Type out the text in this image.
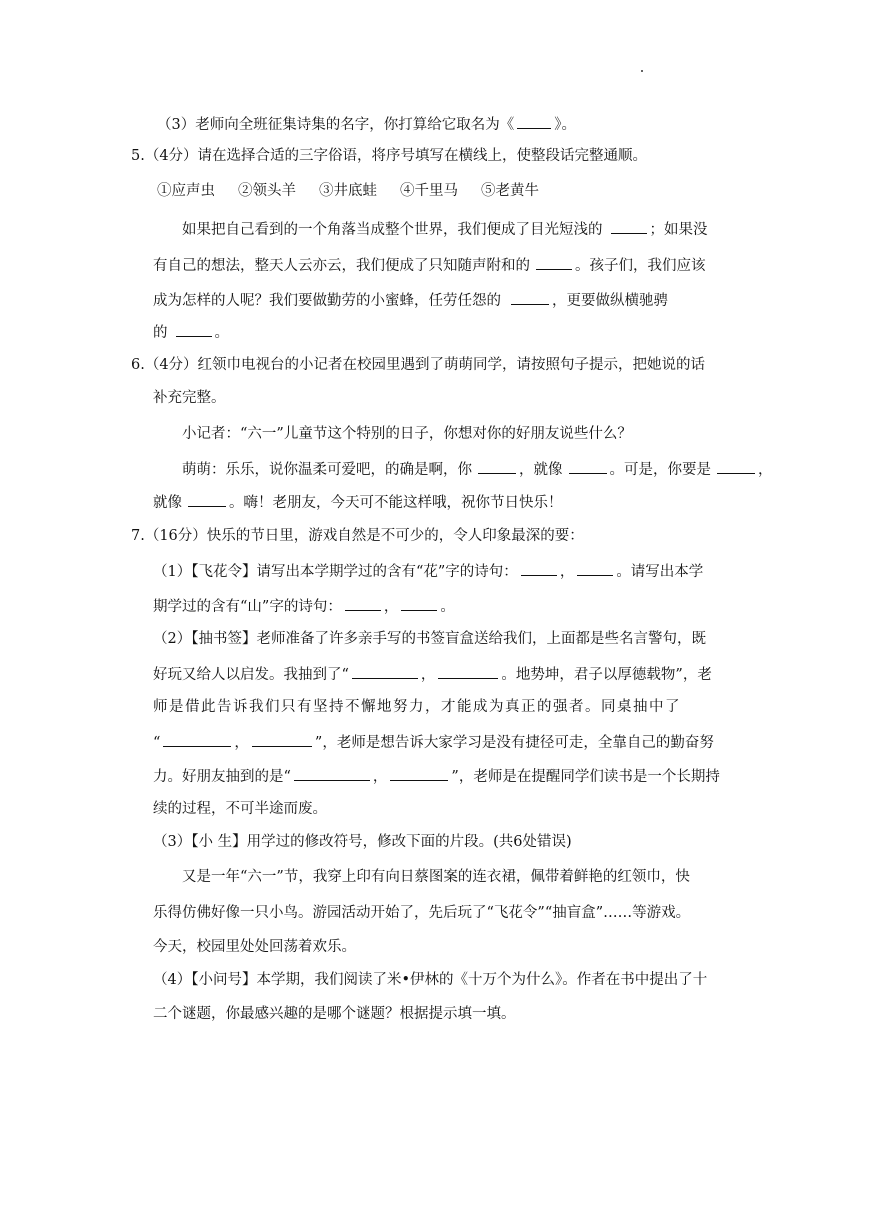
（3）老师向全班征集诗集的名字，你打算给它取名为《	》。
5.（4分）请在选择合适的三字俗语，将序号填写在横线上，使整段话完整通顺。
①应声虫 ②领头羊 ③井底蛙 ④千里马 ⑤老黄牛
如果把自己看到的一个角落当成整个世界，我们便成了目光短浅的	；如果没
有自己的想法，整天人云亦云，我们便成了只知随声附和的	。孩子们，我们应该
成为怎样的人呢？我们要做勤劳的小蜜蜂，任劳任怨的	，更要做纵横驰骋
的	。
6.（4分）红领巾电视台的小记者在校园里遇到了萌萌同学，请按照句子提示，把她说的话
补充完整。
小记者：“六一”儿童节这个特别的日子，你想对你的好朋友说些什么？
萌萌：乐乐，说你温柔可爱吧，的确是啊，你	，就像	。可是，你要是	，
就像	。嗨！老朋友，今天可不能这样哦，祝你节日快乐！
7.（16分）快乐的节日里，游戏自然是不可少的，令人印象最深的要：
（1）【飞花令】请写出本学期学过的含有“花”字的诗句：	，	。请写出本学
期学过的含有“山”字的诗句：	，	。
（2）【抽书签】老师准备了许多亲手写的书签盲盒送给我们，上面都是些名言警句，既
好玩又给人以启发。我抽到了“	，	。地势坤，君子以厚德载物”，老
师是借此告诉我们只有坚持不懈地努力，才能成为真正的强者。同桌抽中了
“	，	”，老师是想告诉大家学习是没有捷径可走，全靠自己的勤奋努
力。好朋友抽到的是“	，	”，老师是在提醒同学们读书是一个长期持
续的过程，不可半途而废。
（3）【小 生】用学过的修改符号，修改下面的片段。(共6处错误)
又是一年“六一”节，我穿上印有向日蔡图案的连衣裙，佩带着鲜艳的红领巾，快
乐得仿佛好像一只小鸟。游园活动开始了，先后玩了“飞花令”“抽盲盒”……等游戏。
今天，校园里处处回荡着欢乐。
（4）【小问号】本学期，我们阅读了米•伊林的《十万个为什么》。作者在书中提出了十
二个谜题，你最感兴趣的是哪个谜题？根据提示填一填。
